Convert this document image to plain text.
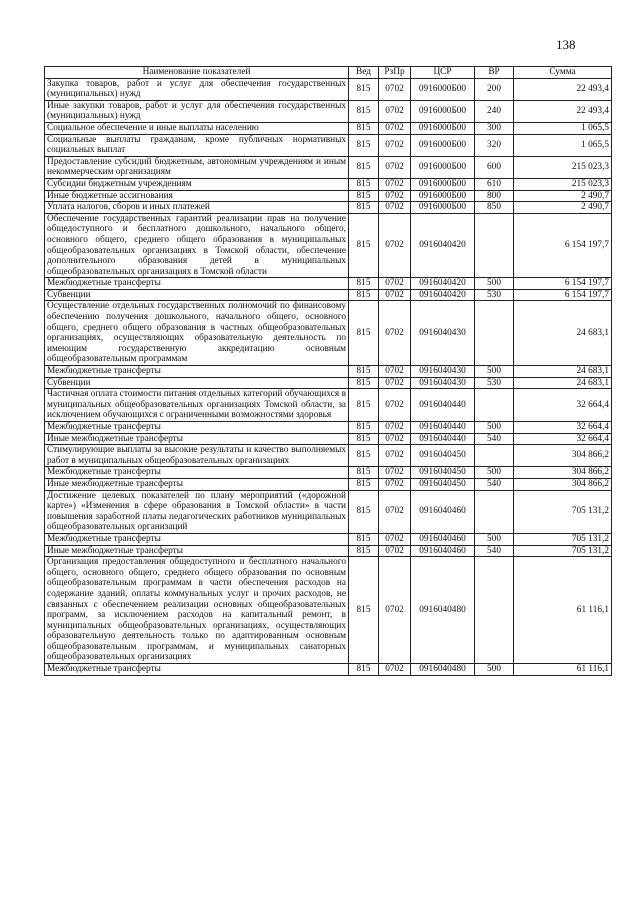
138
Наименование показателей	Вед	РзПр	ЦСР	ВР	Сумма
Закупка товаров, работ и услуг для обеспечения государственных (муниципальных) нужд	815	0702	0916000Б00	200	22 493,4
Иные закупки товаров, работ и услуг для обеспечения государственных (муниципальных) нужд	815	0702	0916000Б00	240	22 493,4
Социальное обеспечение и иные выплаты населению	815	0702	0916000Б00	300	1 065,5
Социальные выплаты гражданам, кроме публичных нормативных социальных выплат	815	0702	0916000Б00	320	1 065,5
Предоставление субсидий бюджетным, автономным учреждениям и иным некоммерческим организациям	815	0702	0916000Б00	600	215 023,3
Субсидии бюджетным учреждениям	815	0702	0916000Б00	610	215 023,3
Иные бюджетные ассигнования	815	0702	0916000Б00	800	2 490,7
Уплата налогов, сборов и иных платежей	815	0702	0916000Б00	850	2 490,7
Обеспечение государственных гарантий реализации прав на получение общедоступного и бесплатного дошкольного, начального общего, основного общего, среднего общего образования в муниципальных общеобразовательных организациях в Томской области, обеспечение дополнительного образования детей в муниципальных общеобразовательных организациях в Томской области	815	0702	0916040420		6 154 197,7
Межбюджетные трансферты	815	0702	0916040420	500	6 154 197,7
Субвенции	815	0702	0916040420	530	6 154 197,7
Осуществление отдельных государственных полномочий по финансовому обеспечению получения дошкольного, начального общего, основного общего, среднего общего образования в частных общеобразовательных организациях, осуществляющих образовательную деятельность по имеющим государственную аккредитацию основным общеобразовательным программам	815	0702	0916040430		24 683,1
Межбюджетные трансферты	815	0702	0916040430	500	24 683,1
Субвенции	815	0702	0916040430	530	24 683,1
Частичная оплата стоимости питания отдельных категорий обучающихся в муниципальных общеобразовательных организациях Томской области, за исключением обучающихся с ограниченными возможностями здоровья	815	0702	0916040440		32 664,4
Межбюджетные трансферты	815	0702	0916040440	500	32 664,4
Иные межбюджетные трансферты	815	0702	0916040440	540	32 664,4
Стимулирующие выплаты за высокие результаты и качество выполняемых работ в муниципальных общеобразовательных организациях	815	0702	0916040450		304 866,2
Межбюджетные трансферты	815	0702	0916040450	500	304 866,2
Иные межбюджетные трансферты	815	0702	0916040450	540	304 866,2
Достижение целевых показателей по плану мероприятий («дорожной карте») «Изменения в сфере образования в Томской области» в части повышения заработной платы педагогических работников муниципальных общеобразовательных организаций	815	0702	0916040460		705 131,2
Межбюджетные трансферты	815	0702	0916040460	500	705 131,2
Иные межбюджетные трансферты	815	0702	0916040460	540	705 131,2
Организация предоставления общедоступного и бесплатного начального общего, основного общего, среднего общего образования по основным общеобразовательным программам в части обеспечения расходов на содержание зданий, оплаты коммунальных услуг и прочих расходов, не связанных с обеспечением реализации основных общеобразовательных программ, за исключением расходов на капитальный ремонт, в муниципальных общеобразовательных организациях, осуществляющих образовательную деятельность только по адаптированным основным общеобразовательным программам, и муниципальных санаторных общеобразовательных организациях	815	0702	0916040480		61 116,1
Межбюджетные трансферты	815	0702	0916040480	500	61 116,1
